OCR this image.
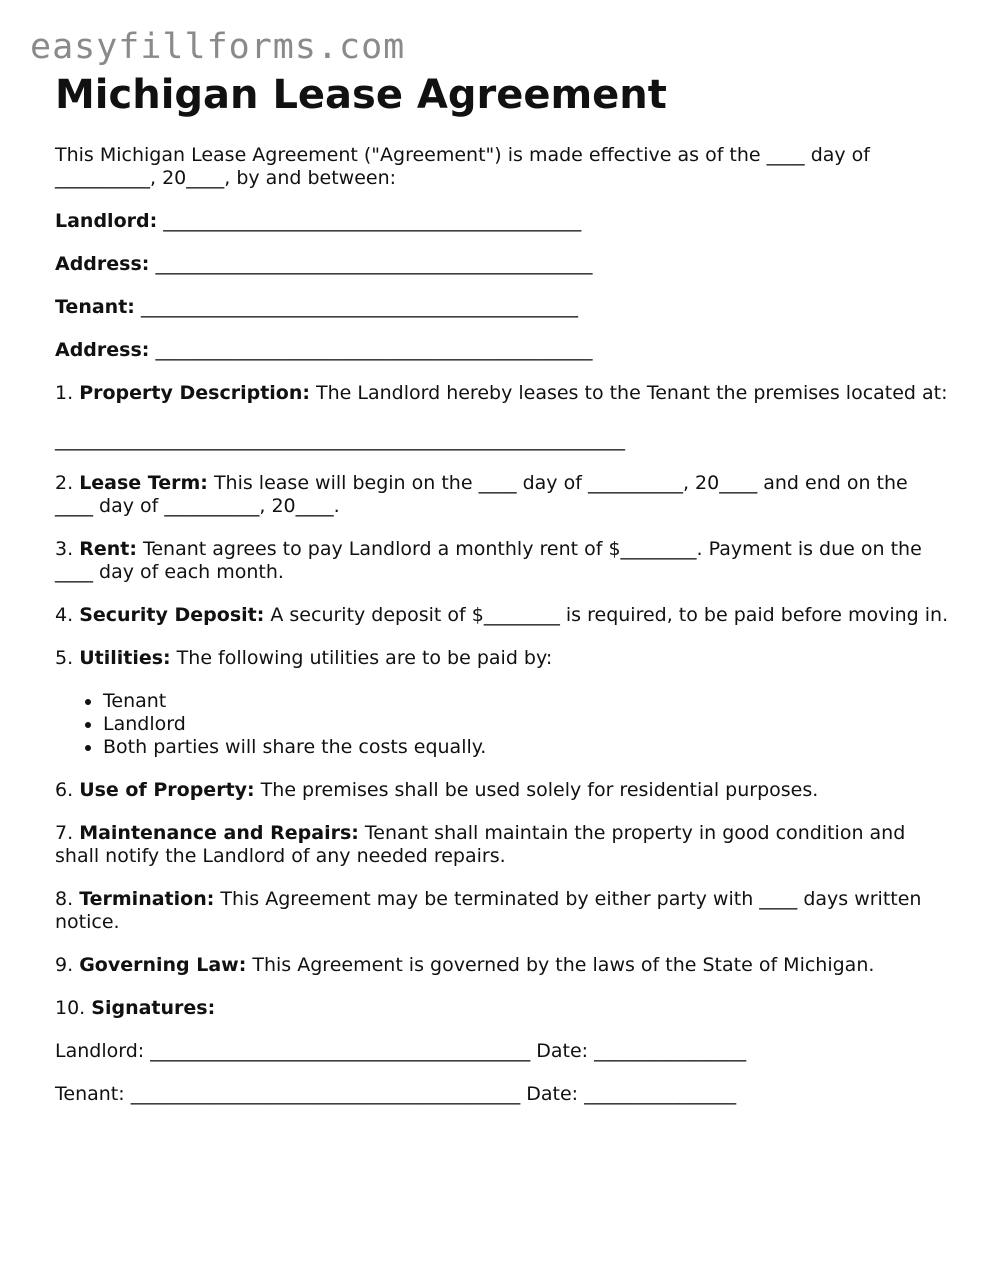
easyfillforms.com
Michigan Lease Agreement

This Michigan Lease Agreement ("Agreement") is made effective as of the ____ day of __________, 20____, by and between:

Landlord: ____________________________________________
Address: ______________________________________________
Tenant: ______________________________________________
Address: ______________________________________________

1. Property Description: The Landlord hereby leases to the Tenant the premises located at:

____________________________________________________________

2. Lease Term: This lease will begin on the ____ day of __________, 20____ and end on the ____ day of __________, 20____.

3. Rent: Tenant agrees to pay Landlord a monthly rent of $________. Payment is due on the ____ day of each month.

4. Security Deposit: A security deposit of $________ is required, to be paid before moving in.

5. Utilities: The following utilities are to be paid by:

• Tenant
• Landlord
• Both parties will share the costs equally.

6. Use of Property: The premises shall be used solely for residential purposes.

7. Maintenance and Repairs: Tenant shall maintain the property in good condition and shall notify the Landlord of any needed repairs.

8. Termination: This Agreement may be terminated by either party with ____ days written notice.

9. Governing Law: This Agreement is governed by the laws of the State of Michigan.

10. Signatures:

Landlord: ________________________________________ Date: ________________
Tenant: _________________________________________ Date: ________________
